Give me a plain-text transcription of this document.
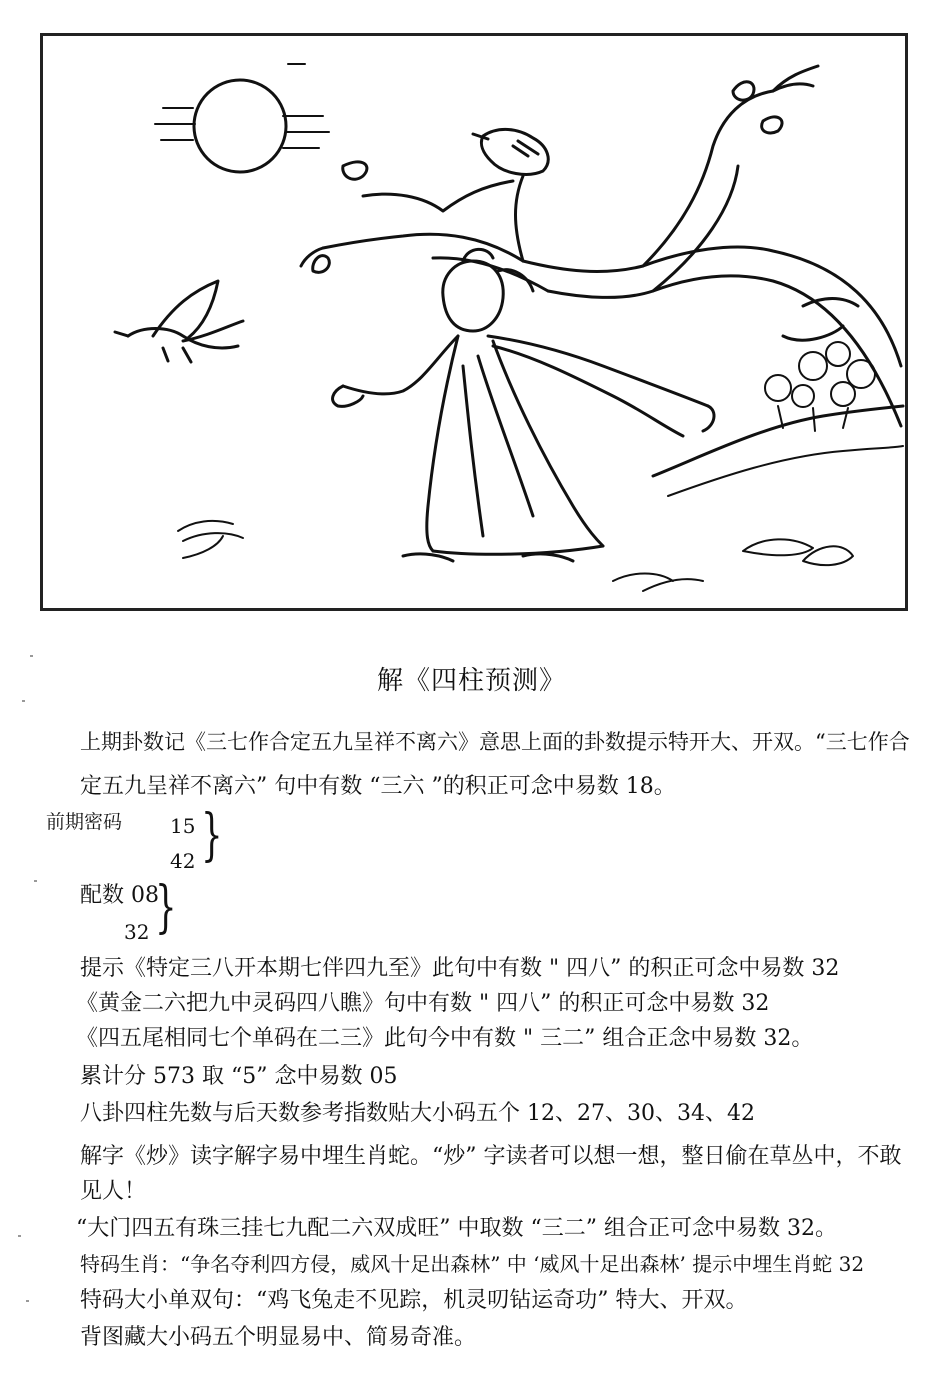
解《四柱预测》
上期卦数记《三七作合定五九呈祥不离六》意思上面的卦数提示特开大、开双。“三七作合
定五九呈祥不离六” 句中有数 “三六 ”的积正可念中易数 18。
前期密码 15
42 }
配数 08
32 }
提示《特定三八开本期七伴四九至》此句中有数 " 四八” 的积正可念中易数 32
《黄金二六把九中灵码四八瞧》句中有数 " 四八” 的积正可念中易数 32
《四五尾相同七个单码在二三》此句今中有数 " 三二” 组合正念中易数 32。
累计分 573 取 “5” 念中易数 05
八卦四柱先数与后天数参考指数贴大小码五个 12、27、30、34、42
解字《炒》读字解字易中埋生肖蛇。“炒” 字读者可以想一想，整日偷在草丛中，不敢
见人！
“大门四五有珠三挂七九配二六双成旺” 中取数 “三二” 组合正可念中易数 32。
特码生肖：“争名夺利四方侵，威风十足出森林” 中 ‘威风十足出森林’ 提示中埋生肖蛇 32
特码大小单双句：“鸡飞兔走不见踪，机灵叨钻运奇功” 特大、开双。
背图藏大小码五个明显易中、简易奇准。
